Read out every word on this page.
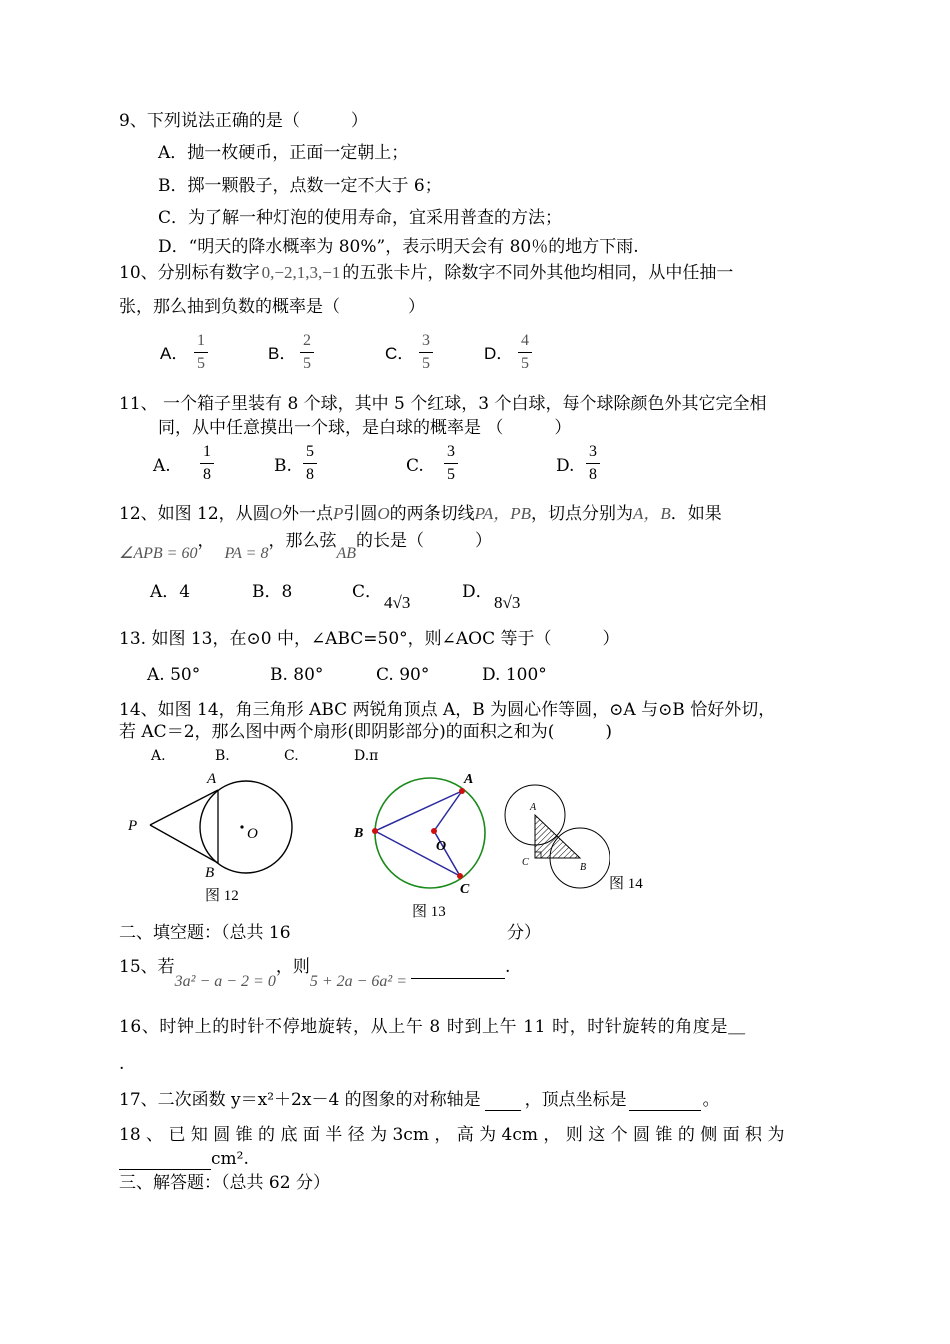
9、下列说法正确的是（　　　）
A．抛一枚硬币，正面一定朝上；
B．掷一颗骰子，点数一定不大于 6；
C．为了解一种灯泡的使用寿命，宜采用普查的方法；
D．“明天的降水概率为 80%”，表示明天会有 80％的地方下雨.
10、分别标有数字 0,−2,1,3,−1 的五张卡片，除数字不同外其他均相同，从中任抽一
张，那么抽到负数的概率是（　　　　）
A．
1
5
B．
2
5
C．
3
5
D．
4
5
11、 一个箱子里装有 8 个球，其中 5 个红球，3 个白球，每个球除颜色外其它完全相
同，从中任意摸出一个球，是白球的概率是 （　　　）
A.
1
8	B.
5
8	C.
3
5	D.
3
8
12、如图 12，从圆O外一点P引圆O的两条切线PA，PB，切点分别为A，B．如果
∠APB = 60，PA = 8，那么弦AB的长是（　　　）
A．4	B．8	C．
4√3
D．
8√3
13. 如图 13，在⊙0 中，∠ABC=50°，则∠AOC 等于（　　　）
A. 50°	B. 80°	C. 90°	D. 100°
14、如图 14，角三角形 ABC 两锐角顶点 A，B 为圆心作等圆，⊙A 与⊙B 恰好外切，
若 AC＝2，那么图中两个扇形(即阴影部分)的面积之和为(　　　)
A.	B.	C.	D.π
A
B
P	O
图 12
A
B
C
O
图 13
A
B
C
图 14
二、填空题：（总共 16	分）
15、若3a² − a − 2 = 0，则5 + 2a − 6a² =.
16、时钟上的时针不停地旋转，从上午 8 时到上午 11 时，时针旋转的角度是＿
.
17、二次函数 y＝x²＋2x－4 的图象的对称轴是	，顶点坐标是	。
18 、 已 知 圆 锥 的 底 面 半 径 为 3cm ， 高 为 4cm ， 则 这 个 圆 锥 的 侧 面 积 为
cm².
三、解答题：（总共 62 分）
